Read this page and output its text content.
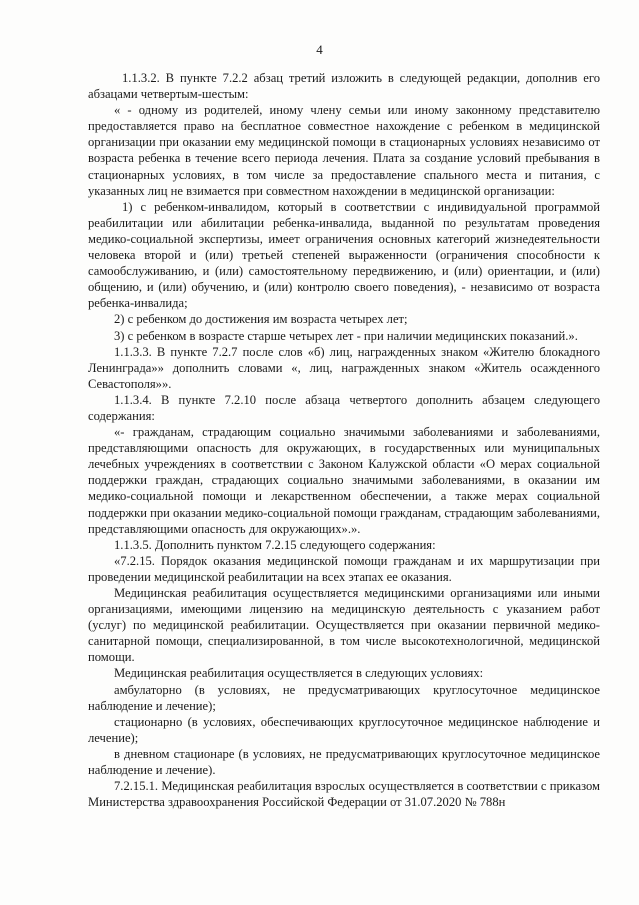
4

1.1.3.2. В пункте 7.2.2 абзац третий изложить в следующей редакции, дополнив его абзацами четвертым-шестым:

« - одному из родителей, иному члену семьи или иному законному представителю предоставляется право на бесплатное совместное нахождение с ребенком в медицинской организации при оказании ему медицинской помощи в стационарных условиях независимо от возраста ребенка в течение всего периода лечения. Плата за создание условий пребывания в стационарных условиях, в том числе за предоставление спального места и питания, с указанных лиц не взимается при совместном нахождении в медицинской организации:

1) с ребенком-инвалидом, который в соответствии с индивидуальной программой реабилитации или абилитации ребенка-инвалида, выданной по результатам проведения медико-социальной экспертизы, имеет ограничения основных категорий жизнедеятельности человека второй и (или) третьей степеней выраженности (ограничения способности к самообслуживанию, и (или) самостоятельному передвижению, и (или) ориентации, и (или) общению, и (или) обучению, и (или) контролю своего поведения), - независимо от возраста ребенка-инвалида;

2) с ребенком до достижения им возраста четырех лет;

3) с ребенком в возрасте старше четырех лет - при наличии медицинских показаний.».

1.1.3.3. В пункте 7.2.7 после слов «б) лиц, награжденных знаком «Жителю блокадного Ленинграда»» дополнить словами «, лиц, награжденных знаком «Житель осажденного Севастополя»».

1.1.3.4. В пункте 7.2.10 после абзаца четвертого дополнить абзацем следующего содержания:

«- гражданам, страдающим социально значимыми заболеваниями и заболеваниями, представляющими опасность для окружающих, в государственных или муниципальных лечебных учреждениях в соответствии с Законом Калужской области «О мерах социальной поддержки граждан, страдающих социально значимыми заболеваниями, в оказании им медико-социальной помощи и лекарственном обеспечении, а также мерах социальной поддержки при оказании медико-социальной помощи гражданам, страдающим заболеваниями, представляющими опасность для окружающих».».

1.1.3.5. Дополнить пунктом 7.2.15 следующего содержания:

«7.2.15. Порядок оказания медицинской помощи гражданам и их маршрутизации при проведении медицинской реабилитации на всех этапах ее оказания.

Медицинская реабилитация осуществляется медицинскими организациями или иными организациями, имеющими лицензию на медицинскую деятельность с указанием работ (услуг) по медицинской реабилитации. Осуществляется при оказании первичной медико-санитарной помощи, специализированной, в том числе высокотехнологичной, медицинской помощи.

Медицинская реабилитация осуществляется в следующих условиях:

амбулаторно (в условиях, не предусматривающих круглосуточное медицинское наблюдение и лечение);

стационарно (в условиях, обеспечивающих круглосуточное медицинское наблюдение и лечение);

в дневном стационаре (в условиях, не предусматривающих круглосуточное медицинское наблюдение и лечение).

7.2.15.1. Медицинская реабилитация взрослых осуществляется в соответствии с приказом Министерства здравоохранения Российской Федерации от 31.07.2020 № 788н
